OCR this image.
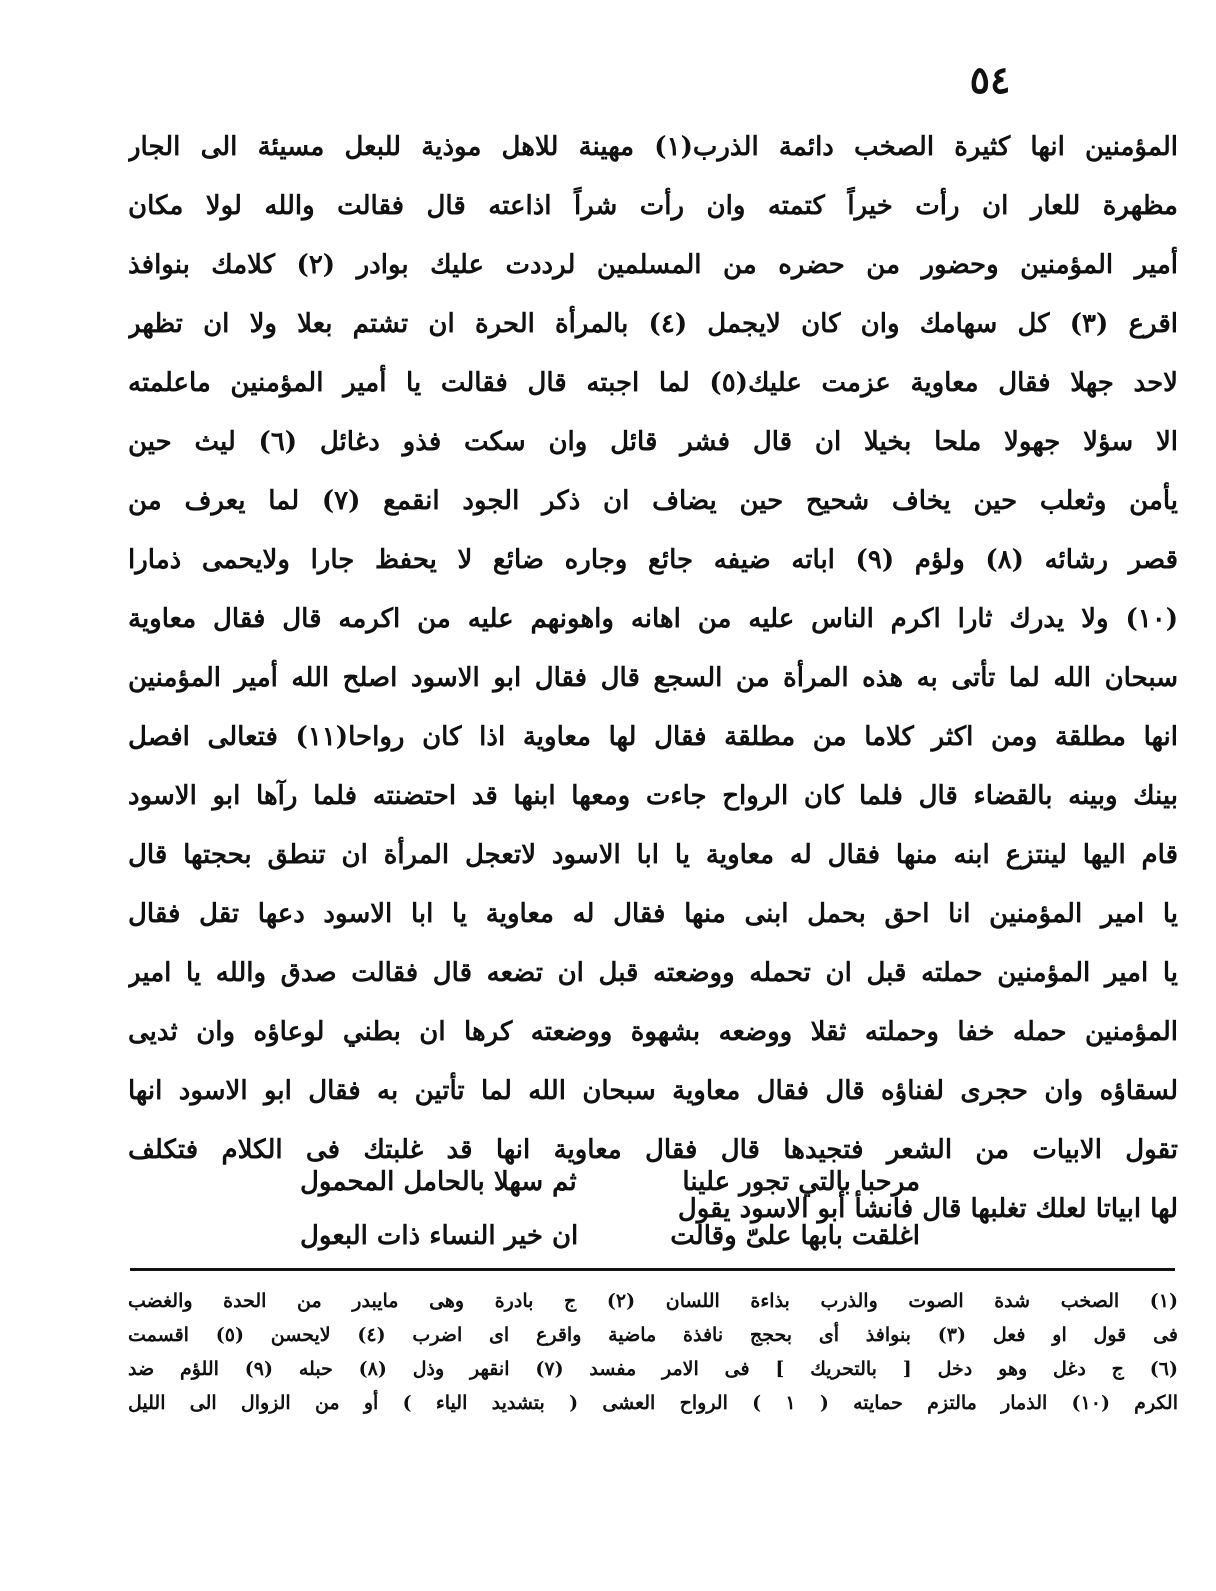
٥٤
المؤمنين انها كثيرة الصخب دائمة الذرب(١) مهينة للاهل موذية للبعل مسيئة الى الجار
مظهرة للعار ان رأت خيراً كتمته وان رأت شراً اذاعته قال فقالت والله لولا مكان
أمير المؤمنين وحضور من حضره من المسلمين لرددت عليك بوادر (٢) كلامك بنوافذ
اقرع (٣) كل سهامك وان كان لايجمل (٤) بالمرأة الحرة ان تشتم بعلا ولا ان تظهر
لاحد جهلا فقال معاوية عزمت عليك(٥) لما اجبته قال فقالت يا أمير المؤمنين ماعلمته
الا سؤلا جهولا ملحا بخيلا ان قال فشر قائل وان سكت فذو دغائل (٦) ليث حين
يأمن وثعلب حين يخاف شحيح حين يضاف ان ذكر الجود انقمع (٧) لما يعرف من
قصر رشائه (٨) ولؤم (٩) اباته ضيفه جائع وجاره ضائع لا يحفظ جارا ولايحمى ذمارا
(١٠) ولا يدرك ثارا اكرم الناس عليه من اهانه واهونهم عليه من اكرمه قال فقال معاوية
سبحان الله لما تأتى به هذه المرأة من السجع قال فقال ابو الاسود اصلح الله أمير المؤمنين
انها مطلقة ومن اكثر كلاما من مطلقة فقال لها معاوية اذا كان رواحا(١١) فتعالى افصل
بينك وبينه بالقضاء قال فلما كان الرواح جاءت ومعها ابنها قد احتضنته فلما رآها ابو الاسود
قام اليها لينتزع ابنه منها فقال له معاوية يا ابا الاسود لاتعجل المرأة ان تنطق بحجتها قال
يا امير المؤمنين انا احق بحمل ابنى منها فقال له معاوية يا ابا الاسود دعها تقل فقال
يا امير المؤمنين حملته قبل ان تحمله ووضعته قبل ان تضعه قال فقالت صدق والله يا امير
المؤمنين حمله خفا وحملته ثقلا ووضعه بشهوة ووضعته كرها ان بطني لوعاؤه وان ثديى
لسقاؤه وان حجرى لفناؤه قال فقال معاوية سبحان الله لما تأتين به فقال ابو الاسود انها
تقول الابيات من الشعر فتجيدها قال فقال معاوية انها قد غلبتك فى الكلام فتكلف
لها ابياتا لعلك تغلبها قال فانشأ أبو الاسود يقول
مرحبا بالتي تجور علينا
ثم سهلا بالحامل المحمول
اغلقت بابها علىّ وقالت
ان خير النساء ذات البعول
(١) الصخب شدة الصوت والذرب بذاءة اللسان (٢) ج بادرة وهى مايبدر من الحدة والغضب
فى قول او فعل (٣) بنوافذ أى بحجج نافذة ماضية واقرع اى اضرب (٤) لايحسن (٥) اقسمت
(٦) ج دغل وهو دخل [ بالتحريك ] فى الامر مفسد (٧) انقهر وذل (٨) حبله (٩) اللؤم ضد
الكرم (١٠) الذمار مالتزم حمايته ( ١ ) الرواح العشى ( بتشديد الياء ) أو من الزوال الى الليل
